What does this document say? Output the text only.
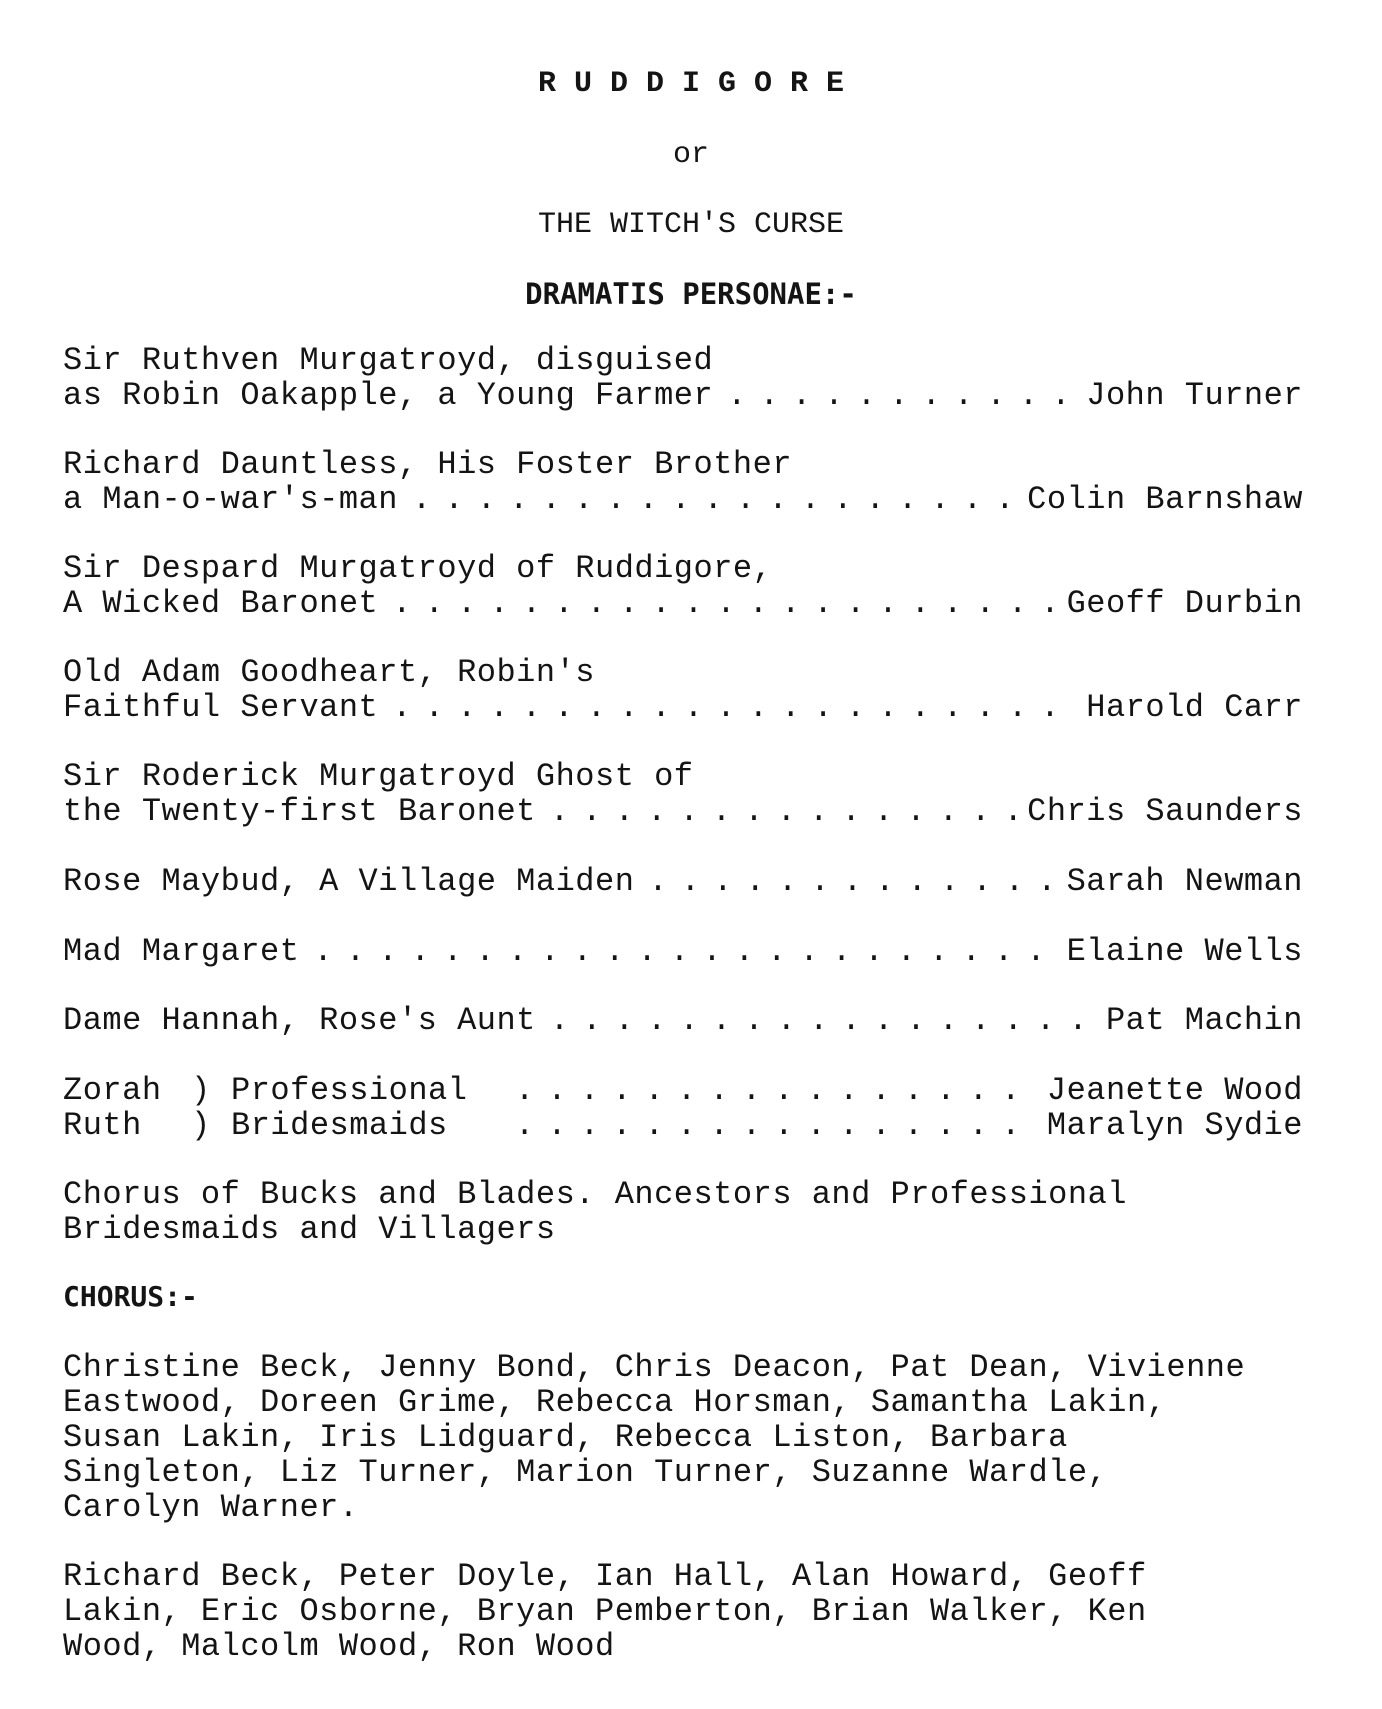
R U D D I G O R E
or
THE WITCH'S CURSE
DRAMATIS PERSONAE:-
Sir Ruthven Murgatroyd, disguised
as Robin Oakapple, a Young Farmer . . .	John Turner
Richard Dauntless, His Foster Brother
a Man-o-war's-man . . .	Colin Barnshaw
Sir Despard Murgatroyd of Ruddigore,
A Wicked Baronet . . .	Geoff Durbin
Old Adam Goodheart, Robin's
Faithful Servant . . .	Harold Carr
Sir Roderick Murgatroyd Ghost of
the Twenty-first Baronet . . .	Chris Saunders
Rose Maybud, A Village Maiden . . .	Sarah Newman
Mad Margaret . . .	Elaine Wells
Dame Hannah, Rose's Aunt . . .	Pat Machin
Zorah ) Professional . . .	Jeanette Wood
Ruth	) Bridesmaids . . .	Maralyn Sydie
Chorus of Bucks and Blades. Ancestors and Professional
Bridesmaids and Villagers
CHORUS:-
Christine Beck, Jenny Bond, Chris Deacon, Pat Dean, Vivienne
Eastwood, Doreen Grime, Rebecca Horsman, Samantha Lakin,
Susan Lakin, Iris Lidguard, Rebecca Liston, Barbara
Singleton, Liz Turner, Marion Turner, Suzanne Wardle,
Carolyn Warner.
Richard Beck, Peter Doyle, Ian Hall, Alan Howard, Geoff
Lakin, Eric Osborne, Bryan Pemberton, Brian Walker, Ken
Wood, Malcolm Wood, Ron Wood
